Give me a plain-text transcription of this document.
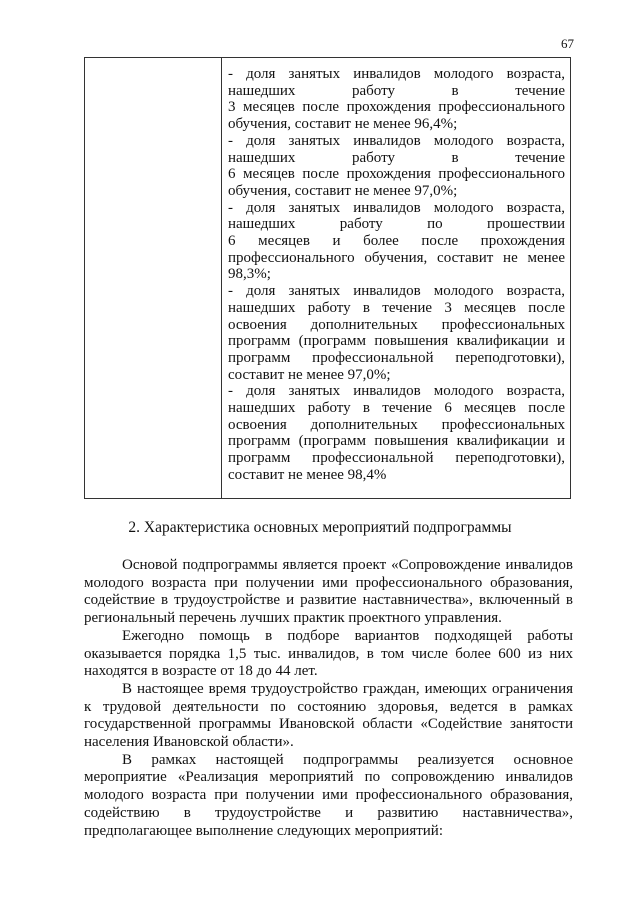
67
- доля занятых инвалидов молодого возраста,
нашедших работу в течение
3 месяцев после прохождения профессионального
обучения, составит не менее 96,4%;
- доля занятых инвалидов молодого возраста,
нашедших работу в течение
6 месяцев после прохождения профессионального
обучения, составит не менее 97,0%;
- доля занятых инвалидов молодого возраста,
нашедших работу по прошествии
6 месяцев и более после прохождения
профессионального обучения, составит не менее
98,3%;
- доля занятых инвалидов молодого возраста,
нашедших работу в течение 3 месяцев после
освоения дополнительных профессиональных
программ (программ повышения квалификации и
программ профессиональной переподготовки),
составит не менее 97,0%;
- доля занятых инвалидов молодого возраста,
нашедших работу в течение 6 месяцев после
освоения дополнительных профессиональных
программ (программ повышения квалификации и
программ профессиональной переподготовки),
составит не менее 98,4%
2. Характеристика основных мероприятий подпрограммы
Основой подпрограммы является проект «Сопровождение инвалидов
молодого возраста при получении ими профессионального образования,
содействие в трудоустройстве и развитие наставничества», включенный в
региональный перечень лучших практик проектного управления.
Ежегодно помощь в подборе вариантов подходящей работы
оказывается порядка 1,5 тыс. инвалидов, в том числе более 600 из них
находятся в возрасте от 18 до 44 лет.
В настоящее время трудоустройство граждан, имеющих ограничения
к трудовой деятельности по состоянию здоровья, ведется в рамках
государственной программы Ивановской области «Содействие занятости
населения Ивановской области».
В рамках настоящей подпрограммы реализуется основное
мероприятие «Реализация мероприятий по сопровождению инвалидов
молодого возраста при получении ими профессионального образования,
содействию в трудоустройстве и развитию наставничества»,
предполагающее выполнение следующих мероприятий:
